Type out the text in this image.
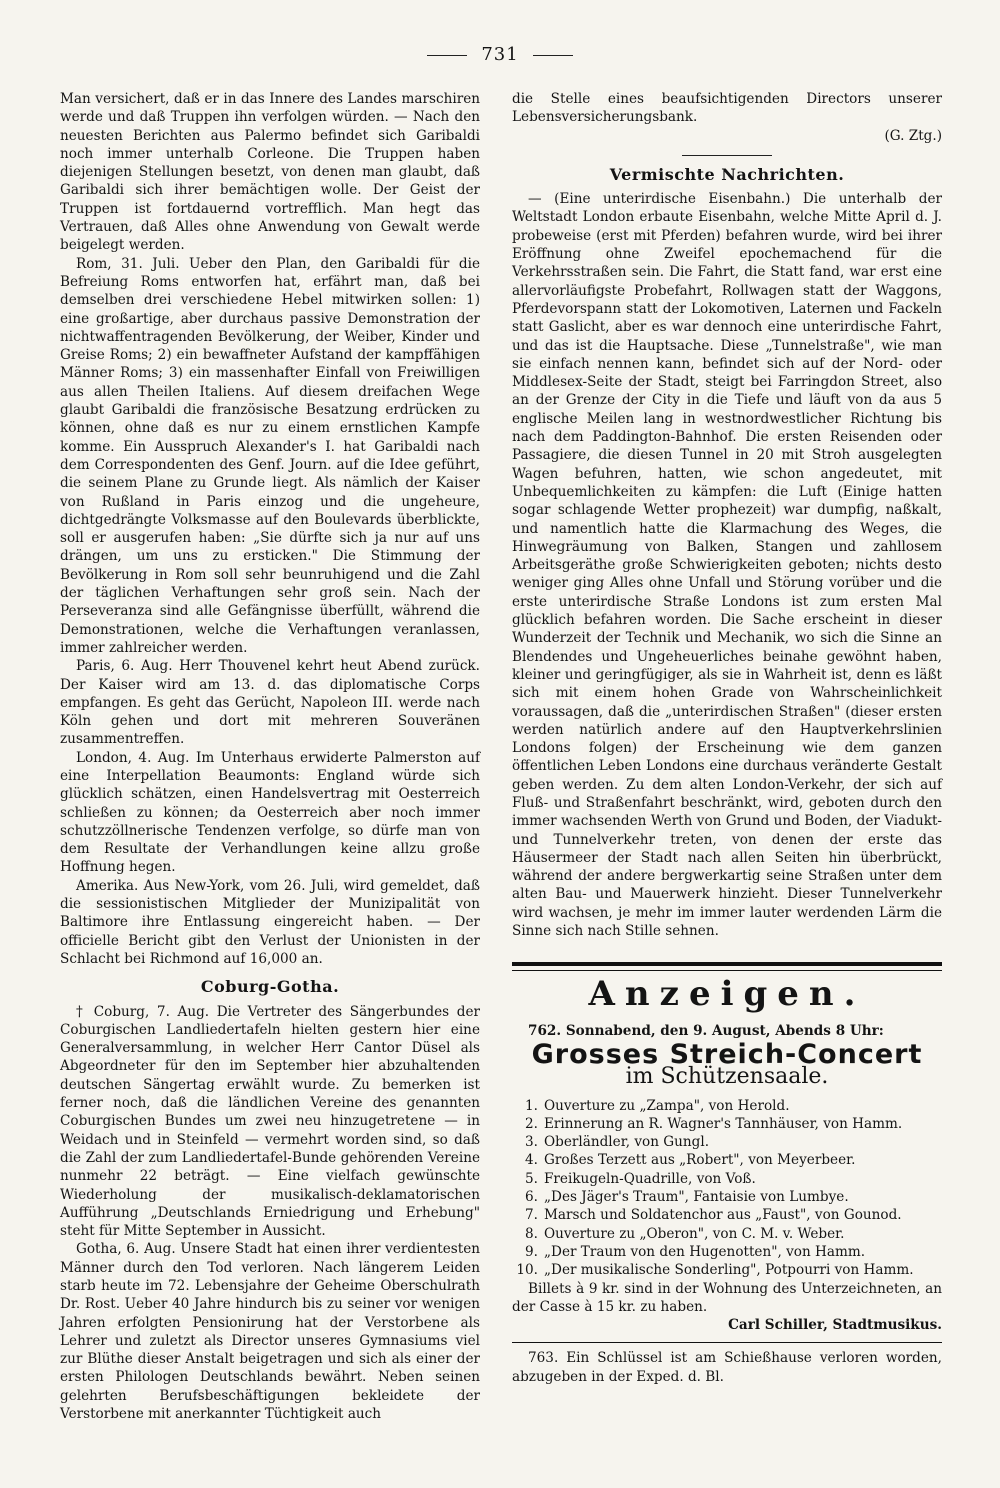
731

Man versichert, daß er in das Innere des Landes marschiren werde und daß Truppen ihn verfolgen würden. — Nach den neuesten Berichten aus Palermo befindet sich Garibaldi noch immer unterhalb Corleone. Die Truppen haben diejenigen Stellungen besetzt, von denen man glaubt, daß Garibaldi sich ihrer bemächtigen wolle. Der Geist der Truppen ist fortdauernd vortrefflich. Man hegt das Vertrauen, daß Alles ohne Anwendung von Gewalt werde beigelegt werden.

Rom, 31. Juli. Ueber den Plan, den Garibaldi für die Befreiung Roms entworfen hat, erfährt man, daß bei demselben drei verschiedene Hebel mitwirken sollen: 1) eine großartige, aber durchaus passive Demonstration der nichtwaffentragenden Bevölkerung, der Weiber, Kinder und Greise Roms; 2) ein bewaffneter Aufstand der kampffähigen Männer Roms; 3) ein massenhafter Einfall von Freiwilligen aus allen Theilen Italiens. Auf diesem dreifachen Wege glaubt Garibaldi die französische Besatzung erdrücken zu können, ohne daß es nur zu einem ernstlichen Kampfe komme. Ein Ausspruch Alexander's I. hat Garibaldi nach dem Correspondenten des Genf. Journ. auf die Idee geführt, die seinem Plane zu Grunde liegt. Als nämlich der Kaiser von Rußland in Paris einzog und die ungeheure, dichtgedrängte Volksmasse auf den Boulevards überblickte, soll er ausgerufen haben: „Sie dürfte sich ja nur auf uns drängen, um uns zu ersticken." Die Stimmung der Bevölkerung in Rom soll sehr beunruhigend und die Zahl der täglichen Verhaftungen sehr groß sein. Nach der Perseveranza sind alle Gefängnisse überfüllt, während die Demonstrationen, welche die Verhaftungen veranlassen, immer zahlreicher werden.

Paris, 6. Aug. Herr Thouvenel kehrt heut Abend zurück. Der Kaiser wird am 13. d. das diplomatische Corps empfangen. Es geht das Gerücht, Napoleon III. werde nach Köln gehen und dort mit mehreren Souveränen zusammentreffen.

London, 4. Aug. Im Unterhaus erwiderte Palmerston auf eine Interpellation Beaumonts: England würde sich glücklich schätzen, einen Handelsvertrag mit Oesterreich schließen zu können; da Oesterreich aber noch immer schutzzöllnerische Tendenzen verfolge, so dürfe man von dem Resultate der Verhandlungen keine allzu große Hoffnung hegen.

Amerika. Aus New-York, vom 26. Juli, wird gemeldet, daß die sessionistischen Mitglieder der Munizipalität von Baltimore ihre Entlassung eingereicht haben. — Der officielle Bericht gibt den Verlust der Unionisten in der Schlacht bei Richmond auf 16,000 an.

Coburg-Gotha.

† Coburg, 7. Aug. Die Vertreter des Sängerbundes der Coburgischen Landliedertafeln hielten gestern hier eine Generalversammlung, in welcher Herr Cantor Düsel als Abgeordneter für den im September hier abzuhaltenden deutschen Sängertag erwählt wurde. Zu bemerken ist ferner noch, daß die ländlichen Vereine des genannten Coburgischen Bundes um zwei neu hinzugetretene — in Weidach und in Steinfeld — vermehrt worden sind, so daß die Zahl der zum Landliedertafel-Bunde gehörenden Vereine nunmehr 22 beträgt. — Eine vielfach gewünschte Wiederholung der musikalisch-deklamatorischen Aufführung „Deutschlands Erniedrigung und Erhebung" steht für Mitte September in Aussicht.

Gotha, 6. Aug. Unsere Stadt hat einen ihrer verdientesten Männer durch den Tod verloren. Nach längerem Leiden starb heute im 72. Lebensjahre der Geheime Oberschulrath Dr. Rost. Ueber 40 Jahre hindurch bis zu seiner vor wenigen Jahren erfolgten Pensionirung hat der Verstorbene als Lehrer und zuletzt als Director unseres Gymnasiums viel zur Blüthe dieser Anstalt beigetragen und sich als einer der ersten Philologen Deutschlands bewährt. Neben seinen gelehrten Berufsbeschäftigungen bekleidete der Verstorbene mit anerkannter Tüchtigkeit auch

die Stelle eines beaufsichtigenden Directors unserer Lebensversicherungsbank.

(G. Ztg.)
Vermischte Nachrichten.

— (Eine unterirdische Eisenbahn.) Die unterhalb der Weltstadt London erbaute Eisenbahn, welche Mitte April d. J. probeweise (erst mit Pferden) befahren wurde, wird bei ihrer Eröffnung ohne Zweifel epochemachend für die Verkehrsstraßen sein. Die Fahrt, die Statt fand, war erst eine allervorläufigste Probefahrt, Rollwagen statt der Waggons, Pferdevorspann statt der Lokomotiven, Laternen und Fackeln statt Gaslicht, aber es war dennoch eine unterirdische Fahrt, und das ist die Hauptsache. Diese „Tunnelstraße", wie man sie einfach nennen kann, befindet sich auf der Nord- oder Middlesex-Seite der Stadt, steigt bei Farringdon Street, also an der Grenze der City in die Tiefe und läuft von da aus 5 englische Meilen lang in westnordwestlicher Richtung bis nach dem Paddington-Bahnhof. Die ersten Reisenden oder Passagiere, die diesen Tunnel in 20 mit Stroh ausgelegten Wagen befuhren, hatten, wie schon angedeutet, mit Unbequemlichkeiten zu kämpfen: die Luft (Einige hatten sogar schlagende Wetter prophezeit) war dumpfig, naßkalt, und namentlich hatte die Klarmachung des Weges, die Hinwegräumung von Balken, Stangen und zahllosem Arbeitsgeräthe große Schwierigkeiten geboten; nichts desto weniger ging Alles ohne Unfall und Störung vorüber und die erste unterirdische Straße Londons ist zum ersten Mal glücklich befahren worden. Die Sache erscheint in dieser Wunderzeit der Technik und Mechanik, wo sich die Sinne an Blendendes und Ungeheuerliches beinahe gewöhnt haben, kleiner und geringfügiger, als sie in Wahrheit ist, denn es läßt sich mit einem hohen Grade von Wahrscheinlichkeit voraussagen, daß die „unterirdischen Straßen" (dieser ersten werden natürlich andere auf den Hauptverkehrslinien Londons folgen) der Erscheinung wie dem ganzen öffentlichen Leben Londons eine durchaus veränderte Gestalt geben werden. Zu dem alten London-Verkehr, der sich auf Fluß- und Straßenfahrt beschränkt, wird, geboten durch den immer wachsenden Werth von Grund und Boden, der Viadukt- und Tunnelverkehr treten, von denen der erste das Häusermeer der Stadt nach allen Seiten hin überbrückt, während der andere bergwerkartig seine Straßen unter dem alten Bau- und Mauerwerk hinzieht. Dieser Tunnelverkehr wird wachsen, je mehr im immer lauter werdenden Lärm die Sinne sich nach Stille sehnen.

Anzeigen.

762. Sonnabend, den 9. August, Abends 8 Uhr:

Grosses Streich-Concert
im Schützensaale.
1. Ouverture zu „Zampa", von Herold.
2. Erinnerung an R. Wagner's Tannhäuser, von Hamm.
3. Oberländler, von Gungl.
4. Großes Terzett aus „Robert", von Meyerbeer.
5. Freikugeln-Quadrille, von Voß.
6. „Des Jäger's Traum", Fantaisie von Lumbye.
7. Marsch und Soldatenchor aus „Faust", von Gounod.
8. Ouverture zu „Oberon", von C. M. v. Weber.
9. „Der Traum von den Hugenotten", von Hamm.
10. „Der musikalische Sonderling", Potpourri von Hamm.

Billets à 9 kr. sind in der Wohnung des Unterzeichneten, an der Casse à 15 kr. zu haben.

Carl Schiller, Stadtmusikus.

763. Ein Schlüssel ist am Schießhause verloren worden, abzugeben in der Exped. d. Bl.
